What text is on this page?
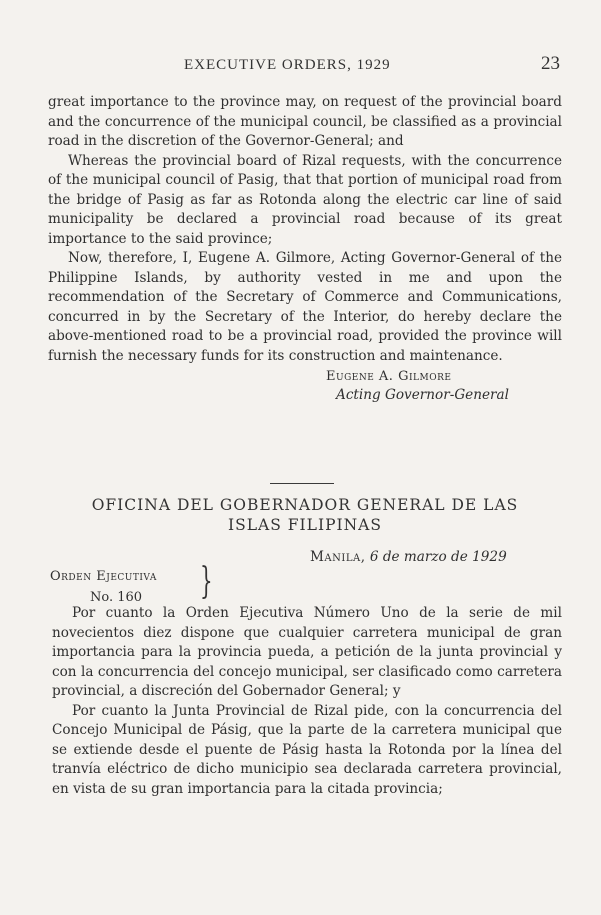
EXECUTIVE ORDERS, 1929	23

great importance to the province may, on request of the provincial board and the concurrence of the municipal council, be classified as a provincial road in the discretion of the Governor-General; and

Whereas the provincial board of Rizal requests, with the concurrence of the municipal council of Pasig, that that portion of municipal road from the bridge of Pasig as far as Rotonda along the electric car line of said municipality be declared a provincial road because of its great importance to the said province;

Now, therefore, I, Eugene A. Gilmore, Acting Governor-General of the Philippine Islands, by authority vested in me and upon the recommendation of the Secretary of Commerce and Communications, concurred in by the Secretary of the Interior, do hereby declare the above-mentioned road to be a provincial road, provided the province will furnish the necessary funds for its construction and maintenance.

Eugene A. Gilmore

Acting Governor-General

OFICINA DEL GOBERNADOR GENERAL DE LAS
ISLAS FILIPINAS
Manila, 6 de marzo de 1929
Orden Ejecutiva
No. 160 }

Por cuanto la Orden Ejecutiva Número Uno de la serie de mil novecientos diez dispone que cualquier carretera municipal de gran importancia para la provincia pueda, a petición de la junta provincial y con la concurrencia del concejo municipal, ser clasificado como carretera provincial, a discreción del Gobernador General; y

Por cuanto la Junta Provincial de Rizal pide, con la concurrencia del Concejo Municipal de Pásig, que la parte de la carretera municipal que se extiende desde el puente de Pásig hasta la Rotonda por la línea del tranvía eléctrico de dicho municipio sea declarada carretera provincial, en vista de su gran importancia para la citada provincia;
